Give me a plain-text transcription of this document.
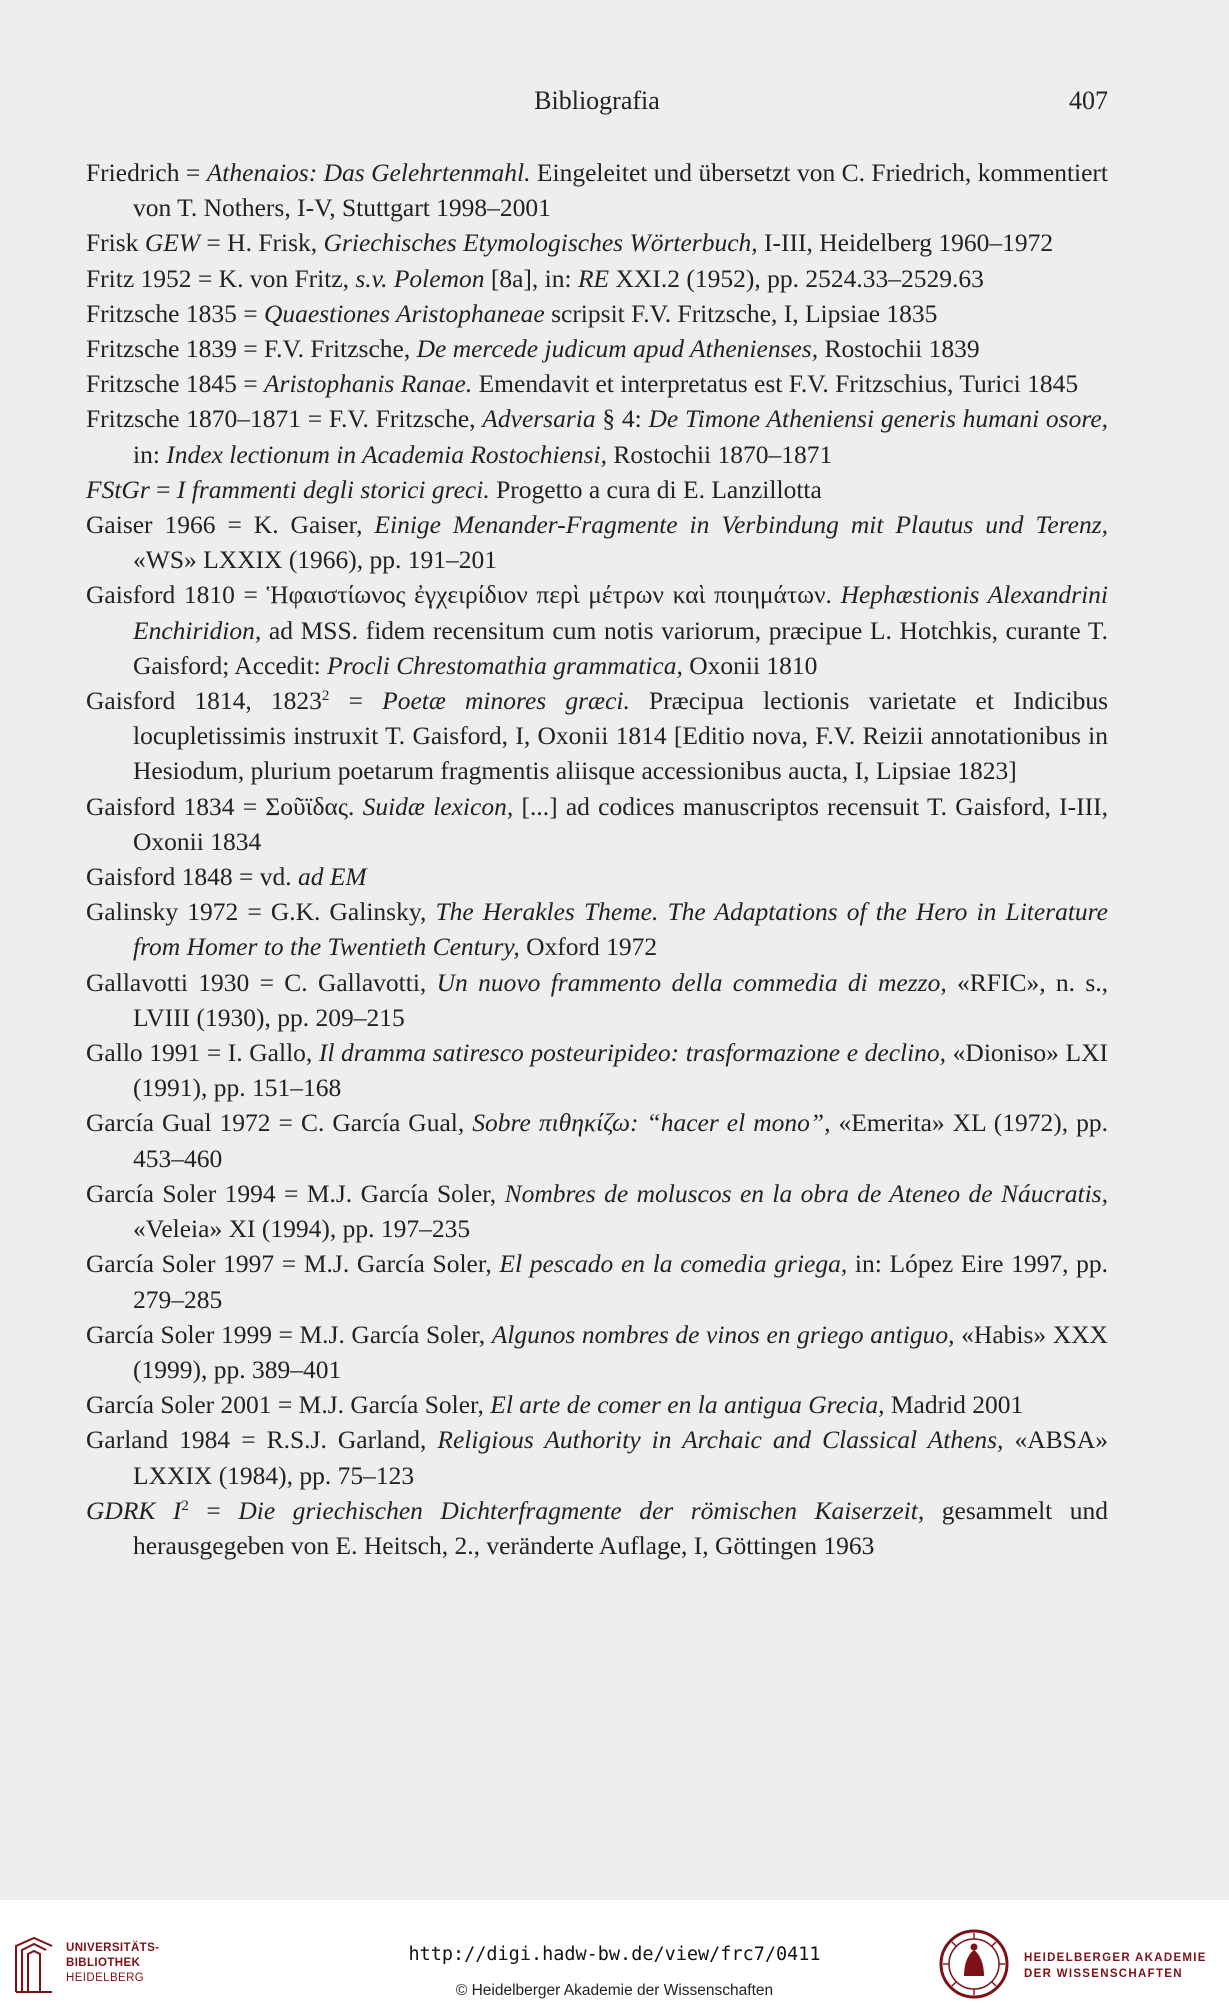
Bibliografia	407
Friedrich = Athenaios: Das Gelehrtenmahl. Eingeleitet und übersetzt von C. Friedrich, kommentiert von T. Nothers, I-V, Stuttgart 1998–2001
Frisk GEW = H. Frisk, Griechisches Etymologisches Wörterbuch, I-III, Heidelberg 1960–1972
Fritz 1952 = K. von Fritz, s.v. Polemon [8a], in: RE XXI.2 (1952), pp. 2524.33–2529.63
Fritzsche 1835 = Quaestiones Aristophaneae scripsit F.V. Fritzsche, I, Lipsiae 1835
Fritzsche 1839 = F.V. Fritzsche, De mercede judicum apud Athenienses, Rostochii 1839
Fritzsche 1845 = Aristophanis Ranae. Emendavit et interpretatus est F.V. Fritzschius, Turici 1845
Fritzsche 1870–1871 = F.V. Fritzsche, Adversaria § 4: De Timone Atheniensi generis humani osore, in: Index lectionum in Academia Rostochiensi, Rostochii 1870–1871
FStGr = I frammenti degli storici greci. Progetto a cura di E. Lanzillotta
Gaiser 1966 = K. Gaiser, Einige Menander-Fragmente in Verbindung mit Plautus und Terenz, «WS» LXXIX (1966), pp. 191–201
Gaisford 1810 = Ἡφαιστίωνος ἐγχειρίδιον περὶ μέτρων καὶ ποιημάτων. Hephæstionis Alexandrini Enchiridion, ad MSS. fidem recensitum cum notis variorum, præcipue L. Hotchkis, curante T. Gaisford; Accedit: Procli Chrestomathia grammatica, Oxonii 1810
Gaisford 1814, $1823^2$ = Poetæ minores græci. Præcipua lectionis varietate et Indicibus locupletissimis instruxit T. Gaisford, I, Oxonii 1814 [Editio nova, F.V. Reizii annotationibus in Hesiodum, plurium poetarum fragmentis aliisque accessionibus aucta, I, Lipsiae 1823]
Gaisford 1834 = Σοῦϊδας. Suidæ lexicon, [...] ad codices manuscriptos recensuit T. Gaisford, I-III, Oxonii 1834
Gaisford 1848 = vd. ad EM
Galinsky 1972 = G.K. Galinsky, The Herakles Theme. The Adaptations of the Hero in Literature from Homer to the Twentieth Century, Oxford 1972
Gallavotti 1930 = C. Gallavotti, Un nuovo frammento della commedia di mezzo, «RFIC», n. s., LVIII (1930), pp. 209–215
Gallo 1991 = I. Gallo, Il dramma satiresco posteuripideo: trasformazione e declino, «Dioniso» LXI (1991), pp. 151–168
García Gual 1972 = C. García Gual, Sobre πιθηκίζω: “hacer el mono”, «Emerita» XL (1972), pp. 453–460
García Soler 1994 = M.J. García Soler, Nombres de moluscos en la obra de Ateneo de Náucratis, «Veleia» XI (1994), pp. 197–235
García Soler 1997 = M.J. García Soler, El pescado en la comedia griega, in: López Eire 1997, pp. 279–285
García Soler 1999 = M.J. García Soler, Algunos nombres de vinos en griego antiguo, «Habis» XXX (1999), pp. 389–401
García Soler 2001 = M.J. García Soler, El arte de comer en la antigua Grecia, Madrid 2001
Garland 1984 = R.S.J. Garland, Religious Authority in Archaic and Classical Athens, «ABSA» LXXIX (1984), pp. 75–123
GDRK $I^2$ = Die griechischen Dichterfragmente der römischen Kaiserzeit, gesammelt und herausgegeben von E. Heitsch, 2., veränderte Auflage, I, Göttingen 1963
UNIVERSITÄTS-
BIBLIOTHEK
HEIDELBERG
http://digi.hadw-bw.de/view/frc7/0411
© Heidelberger Akademie der Wissenschaften
HEIDELBERGER AKADEMIE
DER WISSENSCHAFTEN
